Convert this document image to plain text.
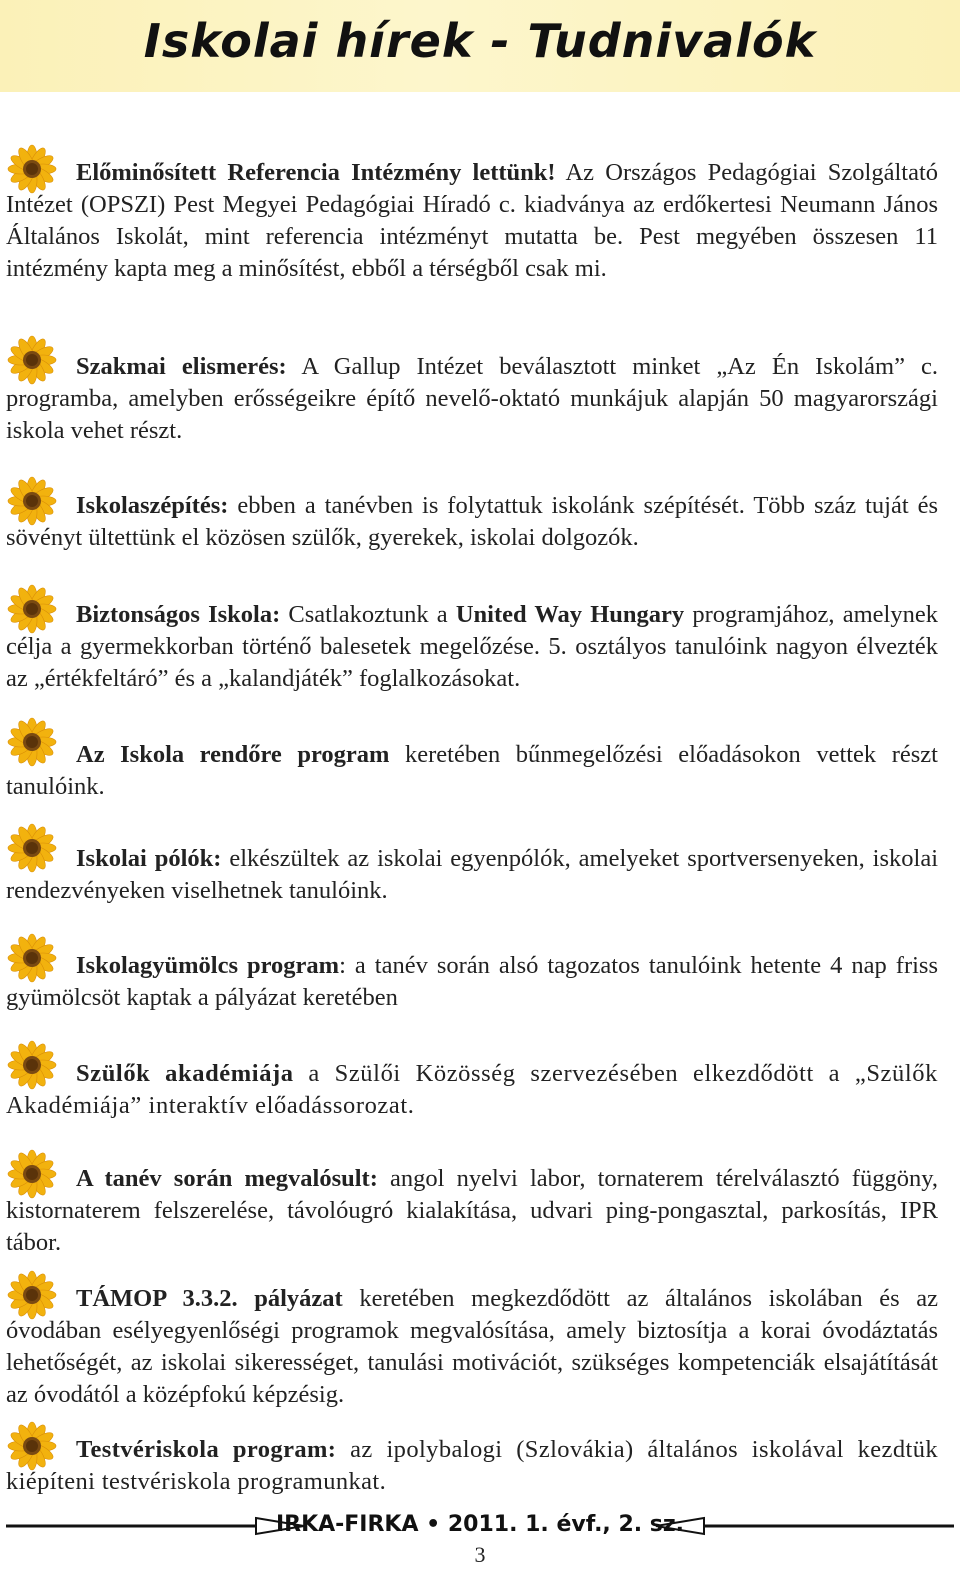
Iskolai hírek - Tudnivalók
Előminősített Referencia Intézmény lettünk! Az Országos Pedagógiai Szolgáltató Intézet (OPSZI) Pest Megyei Pedagógiai Híradó c. kiadványa az erdőkertesi Neumann János Általános Iskolát, mint referencia intézményt mutatta be. Pest megyében összesen 11 intézmény kapta meg a minősítést, ebből a térségből csak mi.
Szakmai elismerés: A Gallup Intézet beválasztott minket „Az Én Iskolám” c. programba, amelyben erősségeikre építő nevelő-oktató munkájuk alapján 50 magyarországi iskola vehet részt.
Iskolaszépítés: ebben a tanévben is folytattuk iskolánk szépítését. Több száz tuját és sövényt ültettünk el közösen szülők, gyerekek, iskolai dolgozók.
Biztonságos Iskola: Csatlakoztunk a United Way Hungary programjához, amelynek célja a gyermekkorban történő balesetek megelőzése. 5. osztályos tanulóink nagyon élvezték az „értékfeltáró” és a „kalandjáték” foglalkozásokat.
Az Iskola rendőre program keretében bűnmegelőzési előadásokon vettek részt tanulóink.
Iskolai pólók: elkészültek az iskolai egyenpólók, amelyeket sportversenyeken, iskolai rendezvényeken viselhetnek tanulóink.
Iskolagyümölcs program: a tanév során alsó tagozatos tanulóink hetente 4 nap friss gyümölcsöt kaptak a pályázat keretében
Szülők akadémiája a Szülői Közösség szervezésében elkezdődött a „Szülők Akadémiája” interaktív előadássorozat.
A tanév során megvalósult: angol nyelvi labor, tornaterem térelválasztó függöny, kistornaterem felszerelése, távolóugró kialakítása, udvari ping-pongasztal, parkosítás, IPR tábor.
TÁMOP 3.3.2. pályázat keretében megkezdődött az általános iskolában és az óvodában esélyegyenlőségi programok megvalósítása, amely biztosítja a korai óvodáztatás lehetőségét, az iskolai sikerességet, tanulási motivációt, szükséges kompetenciák elsajátítását az óvodától a középfokú képzésig.
Testvériskola program: az ipolybalogi (Szlovákia) általános iskolával kezdtük kiépíteni testvériskola programunkat.
IRKA-FIRKA • 2011. 1. évf., 2. sz.
3
